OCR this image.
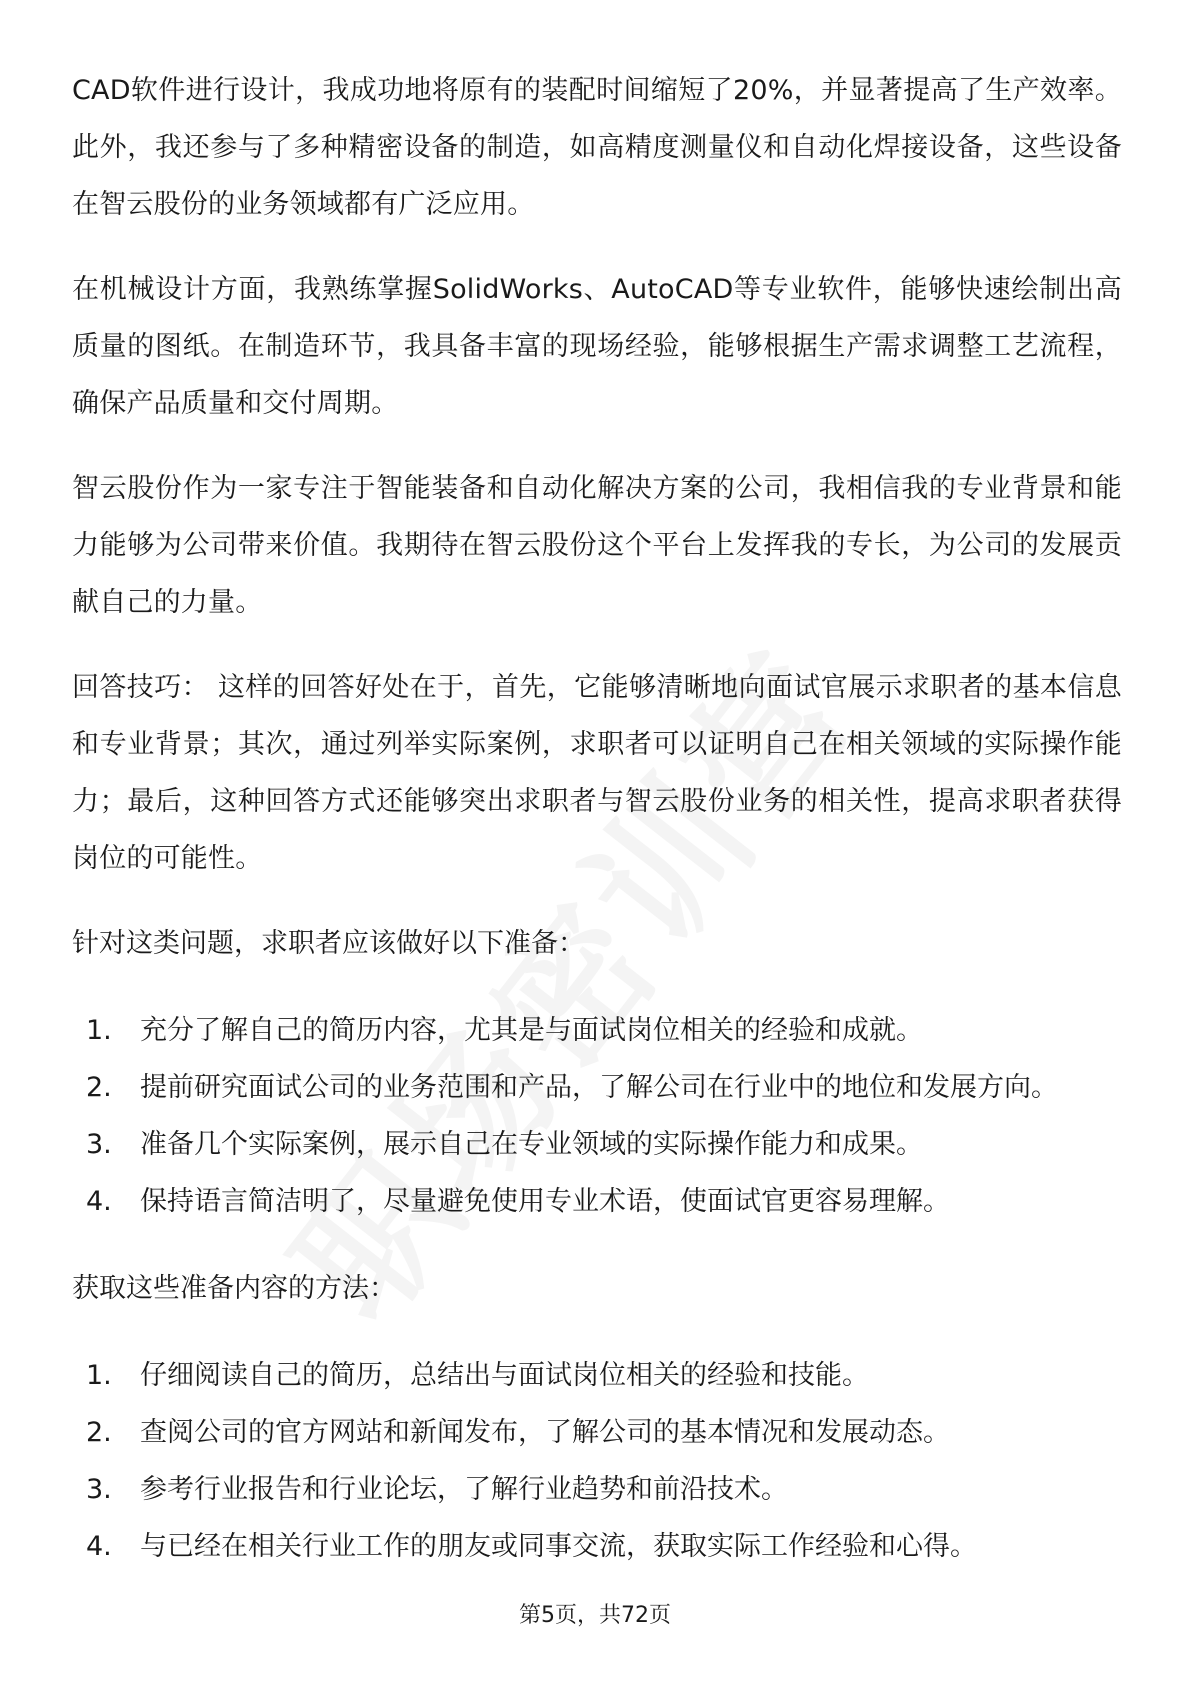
CAD软件进行设计，我成功地将原有的装配时间缩短了20%，并显著提高了生产效率。此外，我还参与了多种精密设备的制造，如高精度测量仪和自动化焊接设备，这些设备在智云股份的业务领域都有广泛应用。

在机械设计方面，我熟练掌握SolidWorks、AutoCAD等专业软件，能够快速绘制出高质量的图纸。在制造环节，我具备丰富的现场经验，能够根据生产需求调整工艺流程，确保产品质量和交付周期。

智云股份作为一家专注于智能装备和自动化解决方案的公司，我相信我的专业背景和能力能够为公司带来价值。我期待在智云股份这个平台上发挥我的专长，为公司的发展贡献自己的力量。

回答技巧： 这样的回答好处在于，首先，它能够清晰地向面试官展示求职者的基本信息和专业背景；其次，通过列举实际案例，求职者可以证明自己在相关领域的实际操作能力；最后，这种回答方式还能够突出求职者与智云股份业务的相关性，提高求职者获得岗位的可能性。

针对这类问题，求职者应该做好以下准备：

1.	充分了解自己的简历内容，尤其是与面试岗位相关的经验和成就。
2.	提前研究面试公司的业务范围和产品，了解公司在行业中的地位和发展方向。
3.	准备几个实际案例，展示自己在专业领域的实际操作能力和成果。
4.	保持语言简洁明了，尽量避免使用专业术语，使面试官更容易理解。

获取这些准备内容的方法：

1.	仔细阅读自己的简历，总结出与面试岗位相关的经验和技能。
2.	查阅公司的官方网站和新闻发布，了解公司的基本情况和发展动态。
3.	参考行业报告和行业论坛，了解行业趋势和前沿技术。
4.	与已经在相关行业工作的朋友或同事交流，获取实际工作经验和心得。
第5页，共72页
